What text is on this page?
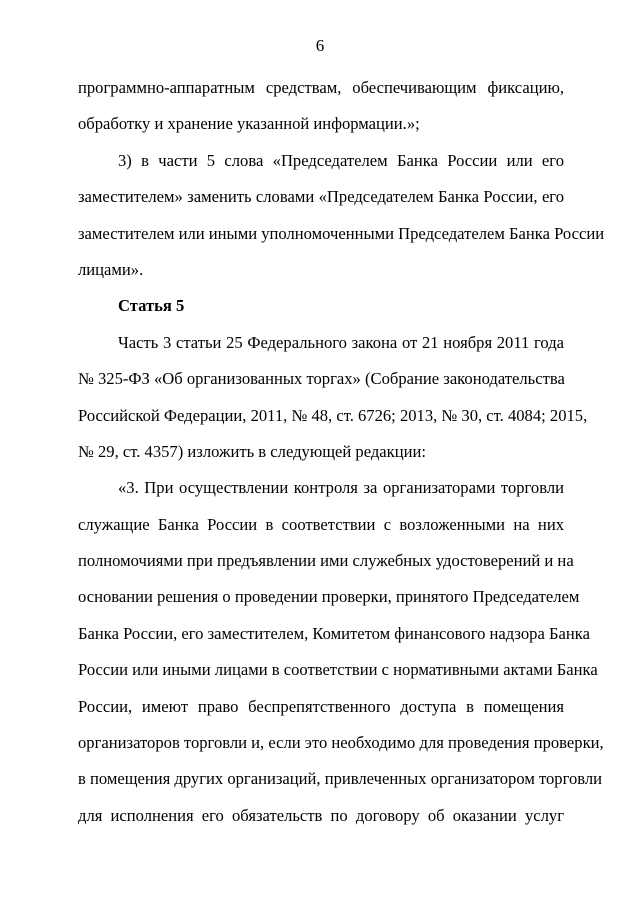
6
программно-аппаратным средствам, обеспечивающим фиксацию,
обработку и хранение указанной информации.»;
3) в части 5 слова «Председателем Банка России или его
заместителем» заменить словами «Председателем Банка России, его
заместителем или иными уполномоченными Председателем Банка России
лицами».
Статья 5
Часть 3 статьи 25 Федерального закона от 21 ноября 2011 года
№ 325-ФЗ «Об организованных торгах» (Собрание законодательства
Российской Федерации, 2011, № 48, ст. 6726; 2013, № 30, ст. 4084; 2015,
№ 29, ст. 4357) изложить в следующей редакции:
«3. При осуществлении контроля за организаторами торговли
служащие Банка России в соответствии с возложенными на них
полномочиями при предъявлении ими служебных удостоверений и на
основании решения о проведении проверки, принятого Председателем
Банка России, его заместителем, Комитетом финансового надзора Банка
России или иными лицами в соответствии с нормативными актами Банка
России, имеют право беспрепятственного доступа в помещения
организаторов торговли и, если это необходимо для проведения проверки,
в помещения других организаций, привлеченных организатором торговли
для исполнения его обязательств по договору об оказании услуг
